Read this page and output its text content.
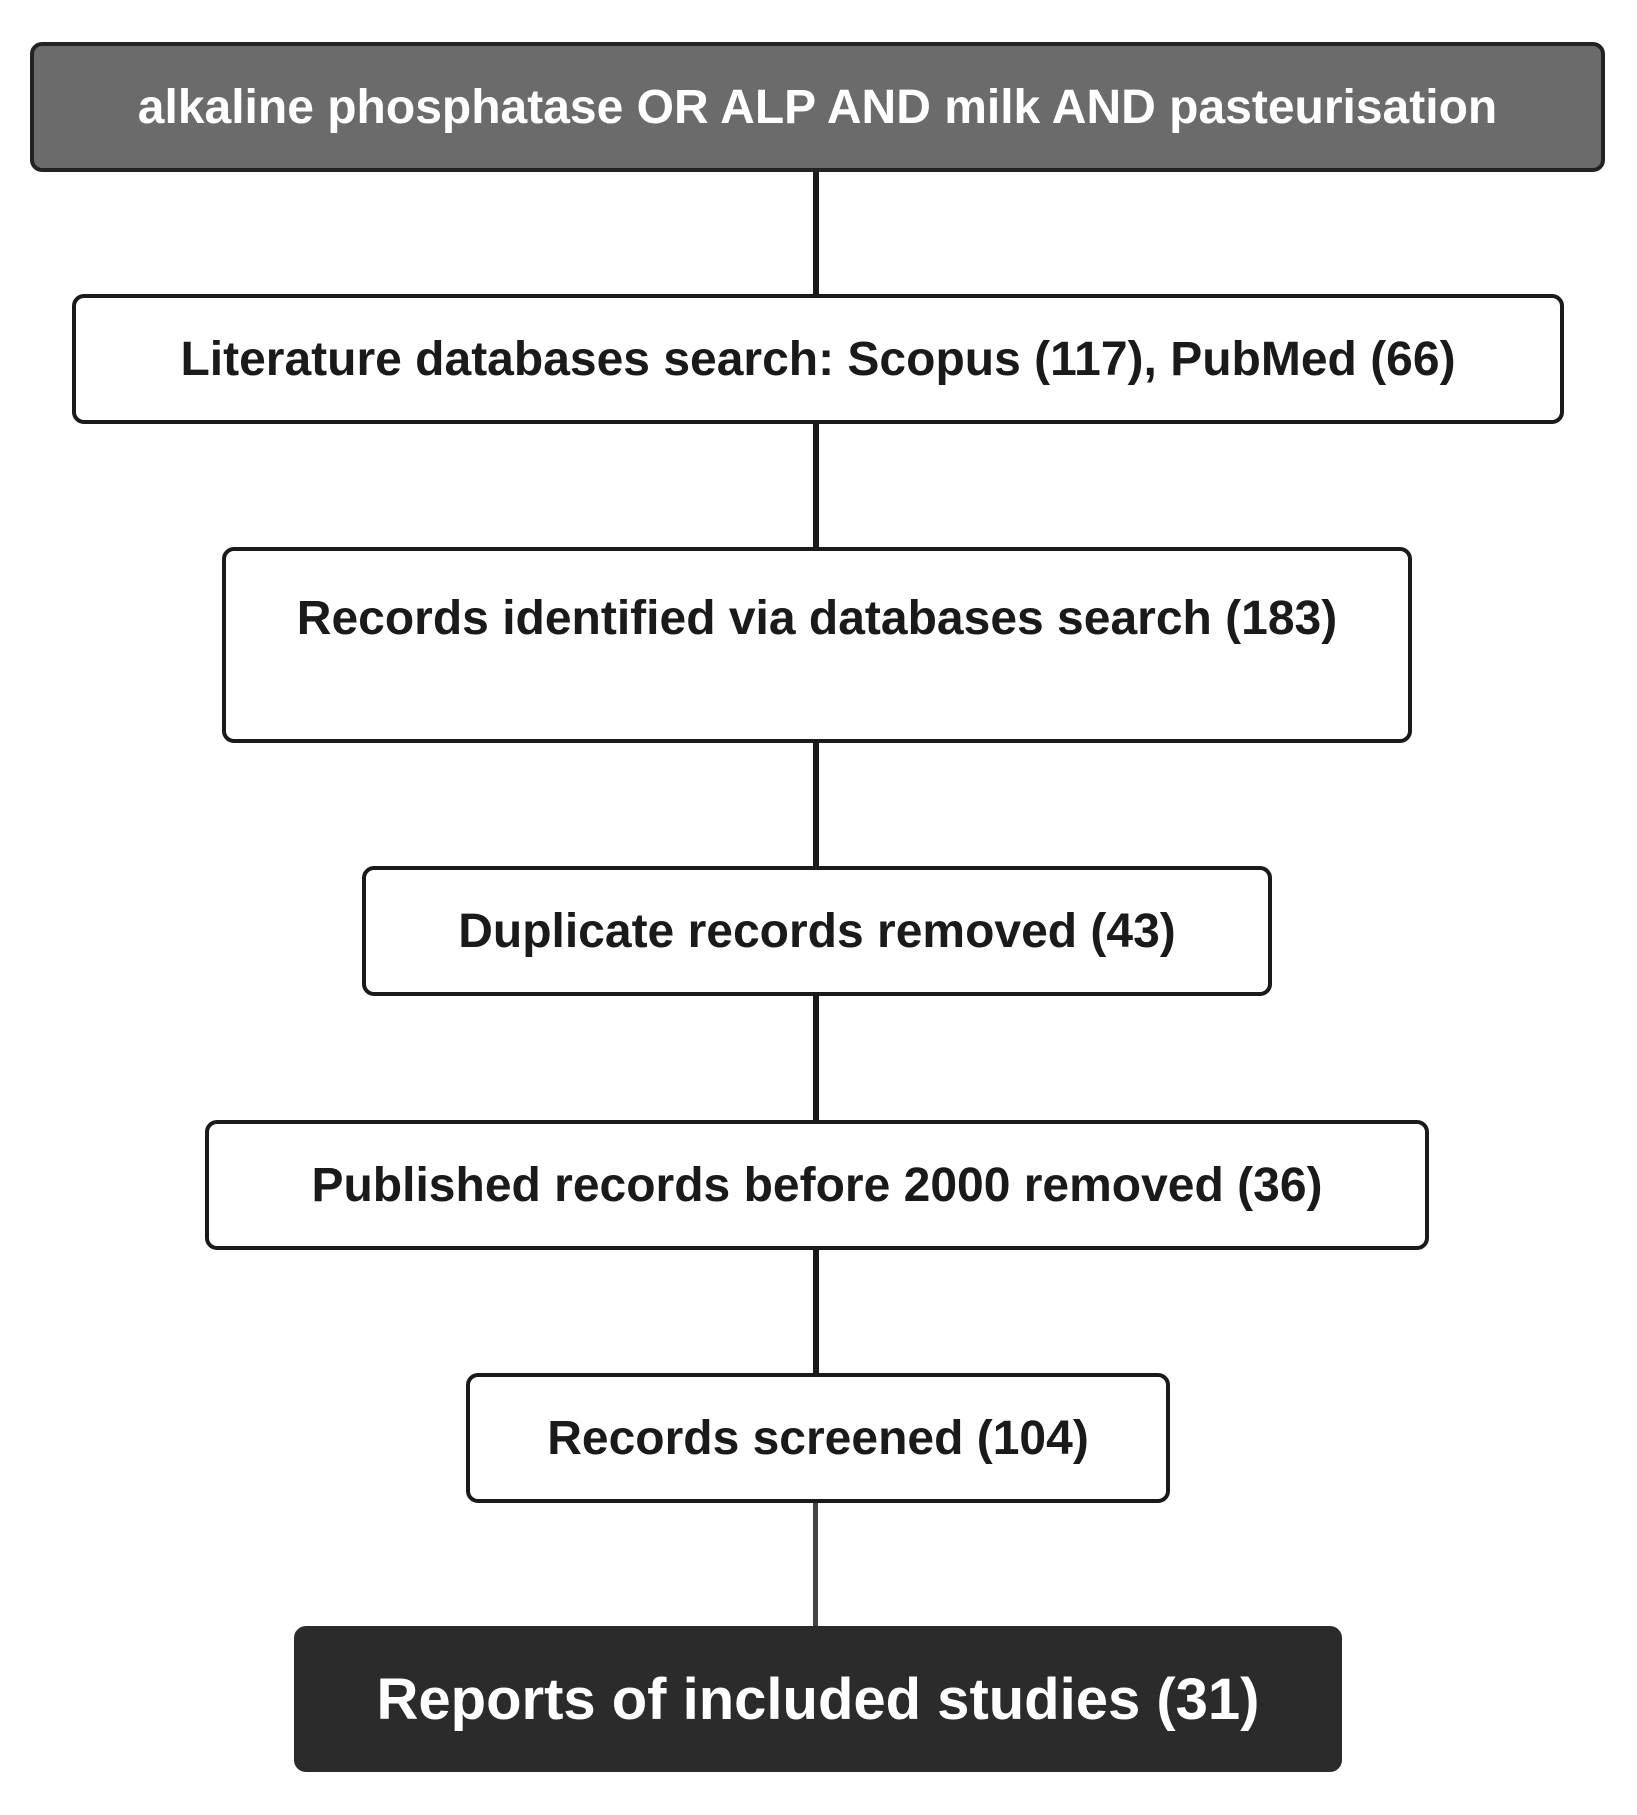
alkaline phosphatase OR ALP AND milk AND pasteurisation
Literature databases search: Scopus (117), PubMed (66)
Records identified via databases search (183)
Duplicate records removed (43)
Published records before 2000 removed (36)
Records screened (104)
Reports of included studies (31)
